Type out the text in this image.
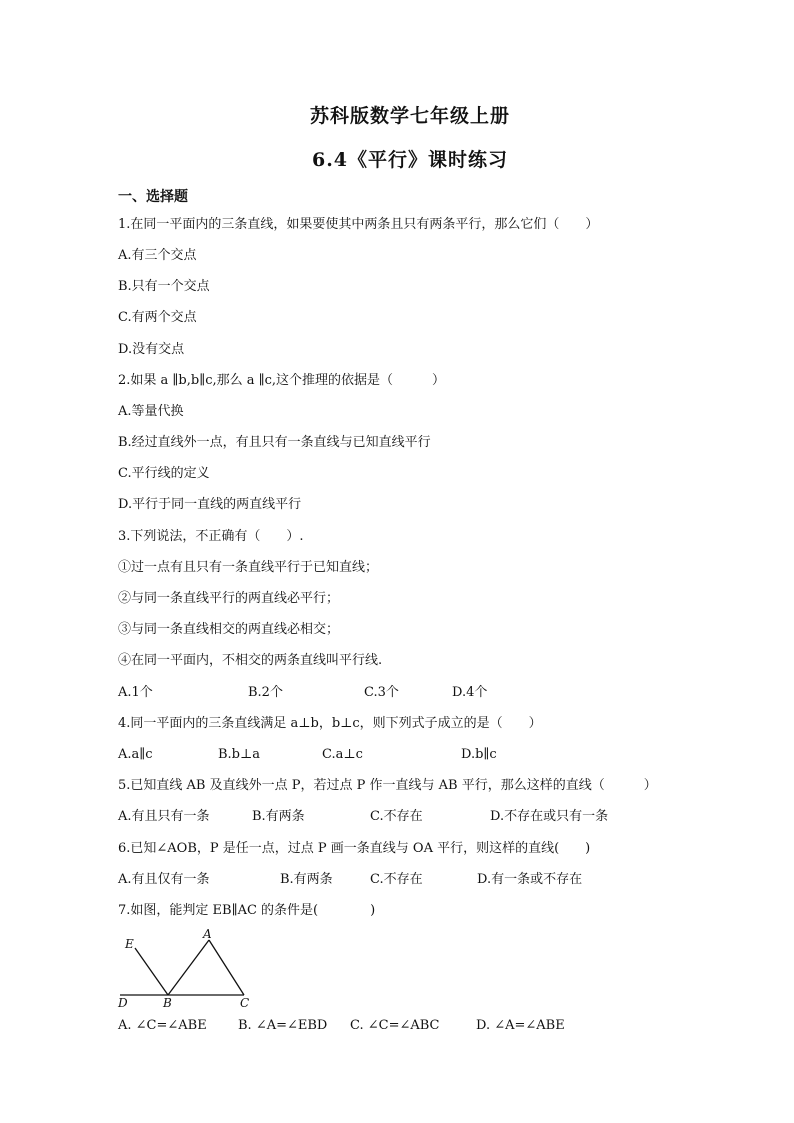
苏科版数学七年级上册
6.4《平行》课时练习
一、选择题
1.在同一平面内的三条直线，如果要使其中两条且只有两条平行，那么它们（　　）
A.有三个交点
B.只有一个交点
C.有两个交点
D.没有交点
2.如果 a ∥b,b∥c,那么 a ∥c,这个推理的依据是（　　　）
A.等量代换
B.经过直线外一点，有且只有一条直线与已知直线平行
C.平行线的定义
D.平行于同一直线的两直线平行
3.下列说法，不正确有（　　）.
①过一点有且只有一条直线平行于已知直线；
②与同一条直线平行的两直线必平行；
③与同一条直线相交的两直线必相交；
④在同一平面内，不相交的两条直线叫平行线.
A.1个	B.2个	C.3个	D.4个
4.同一平面内的三条直线满足 a⊥b，b⊥c，则下列式子成立的是（　　）
A.a∥c	B.b⊥a	C.a⊥c	D.b∥c
5.已知直线 AB 及直线外一点 P，若过点 P 作一直线与 AB 平行，那么这样的直线（　　　）
A.有且只有一条	B.有两条	C.不存在	D.不存在或只有一条
6.已知∠AOB，P 是任一点，过点 P 画一条直线与 OA 平行，则这样的直线(　　)
A.有且仅有一条	B.有两条	C.不存在	D.有一条或不存在
7.如图，能判定 EB∥AC 的条件是(　　　　)
E
A
D	B	C
A. ∠C=∠ABE B. ∠A=∠EBD C. ∠C=∠ABC	D. ∠A=∠ABE
